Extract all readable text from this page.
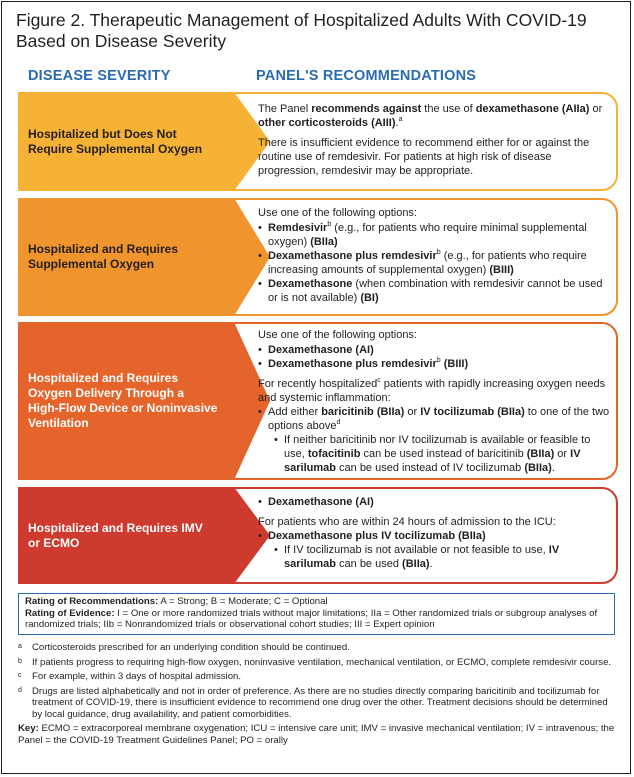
Figure 2. Therapeutic Management of Hospitalized Adults With COVID-19
Based on Disease Severity
DISEASE SEVERITY	PANEL'S RECOMMENDATIONS
Hospitalized but Does Not
Require Supplemental Oxygen

The Panel recommends against the use of dexamethasone (AIIa) or other corticosteroids (AIII).$^a$

There is insufficient evidence to recommend either for or against the routine use of remdesivir. For patients at high risk of disease progression, remdesivir may be appropriate.

Hospitalized and Requires
Supplemental Oxygen

Use one of the following options:

• Remdesivir$^b$ (e.g., for patients who require minimal supplemental oxygen) (BIIa)
• Dexamethasone plus remdesivir$^b$ (e.g., for patients who require increasing amounts of supplemental oxygen) (BIII)
• Dexamethasone (when combination with remdesivir cannot be used or is not available) (BI)
Hospitalized and Requires
Oxygen Delivery Through a
High-Flow Device or Noninvasive
Ventilation

Use one of the following options:

• Dexamethasone (AI)
• Dexamethasone plus remdesivir$^b$ (BIII)

For recently hospitalized$^c$ patients with rapidly increasing oxygen needs and systemic inflammation:

• Add either baricitinib (BIIa) or IV tocilizumab (BIIa) to one of the two options above$^d$
• If neither baricitinib nor IV tocilizumab is available or feasible to use, tofacitinib can be used instead of baricitinib (BIIa) or IV sarilumab can be used instead of IV tocilizumab (BIIa).
Hospitalized and Requires IMV
or ECMO
• Dexamethasone (AI)

For patients who are within 24 hours of admission to the ICU:

• Dexamethasone plus IV tocilizumab (BIIa)
• If IV tocilizumab is not available or not feasible to use, IV sarilumab can be used (BIIa).
Rating of Recommendations: A = Strong; B = Moderate; C = Optional
Rating of Evidence: I = One or more randomized trials without major limitations; IIa = Other randomized trials or subgroup analyses of randomized trials; IIb = Nonrandomized trials or observational cohort studies; III = Expert opinion
a Corticosteroids prescribed for an underlying condition should be continued.
b If patients progress to requiring high-flow oxygen, noninvasive ventilation, mechanical ventilation, or ECMO, complete remdesivir course.
c For example, within 3 days of hospital admission.
d Drugs are listed alphabetically and not in order of preference. As there are no studies directly comparing baricitinib and tocilizumab for treatment of COVID-19, there is insufficient evidence to recommend one drug over the other. Treatment decisions should be determined by local guidance, drug availability, and patient comorbidities.
Key: ECMO = extracorporeal membrane oxygenation; ICU = intensive care unit; IMV = invasive mechanical ventilation; IV = intravenous; the Panel = the COVID-19 Treatment Guidelines Panel; PO = orally
